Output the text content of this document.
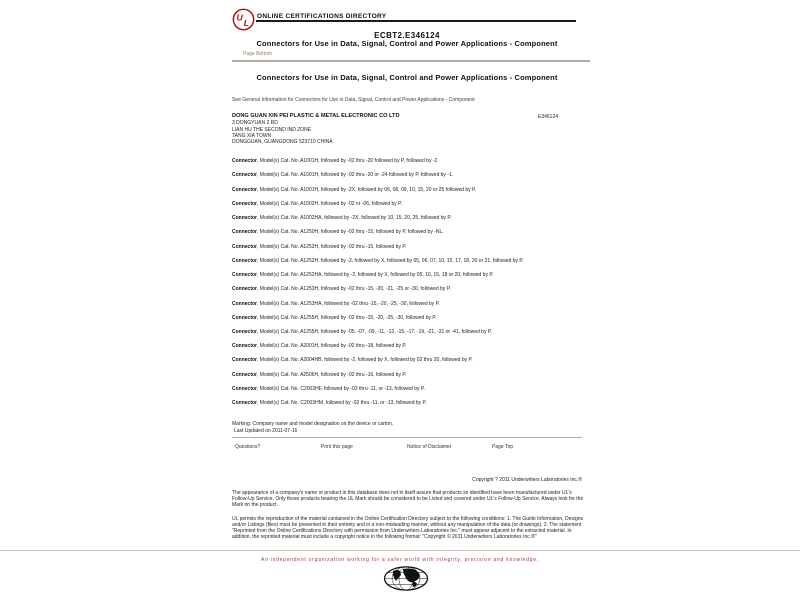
U
L
ONLINE CERTIFICATIONS DIRECTORY
ECBT2.E346124
Connectors for Use in Data, Signal, Control and Power Applications - Component
Page Bottom
Connectors for Use in Data, Signal, Control and Power Applications - Component
See General Information for Connectors for Use in Data, Signal, Control and Power Applications - Component
DONG GUAN XIN PEI PLASTIC & METAL ELECTRONIC CO LTD	E346124
3 DONGYUAN 2 RD
LIAN HU THE SECOND IND ZONE
TANG XIA TOWN
DONGGUAN, GUANGDONG 523710 CHINA
Connector, Model(s) Cat. No. A1001H, followed by -02 thru -20 followed by P, followed by -2.
Connector, Model(s) Cat. No. A1001H, followed by -02 thru -20 or -24 followed by P, followed by -1.
Connector, Model(s) Cat. No. A1001H, followed by -2X, followed by 06, 08, 09, 10, 15, 20 or 25 followed by P.
Connector, Model(s) Cat. No. A1002H, followed by -02 or -06, followed by P.
Connector, Model(s) Cat. No. A1002HA, followed by -2X, followed by 10, 15, 20, 25, followed by P.
Connector, Model(s) Cat. No. A1250H, followed by -02 thru -15, followed by P, followed by -NL.
Connector, Model(s) Cat. No. A1252H, followed by -02 thru -15, followed by P.
Connector, Model(s) Cat. No. A1252H, followed by -2, followed by X, followed by 05, 06, 07, 10, 15, 17, 18, 20 or 21, followed by P.
Connector, Model(s) Cat. No. A1252HA, followed by -2, followed by X, followed by 05, 10, 15, 18 or 20, followed by P.
Connector, Model(s) Cat. No. A1253H, followed by -02 thru -15, -20, -21, -25 or -30, followed by P.
Connector, Model(s) Cat. No. A1253HA, followed by -02 thru -15, -20, -25, -30, followed by P.
Connector, Model(s) Cat. No. A1255H, followed by -02 thru -15, -20, -25, -30, followed by P.
Connector, Model(s) Cat. No. A1255H, followed by -05, -07, -09, -11, -13, -15, -17, -19, -21, -31 or -41, followed by P.
Connector, Model(s) Cat. No. A2001H, followed by -02 thru -18, followed by P.
Connector, Model(s) Cat. No. A2004HB, followed by -2, followed by X, followed by 02 thru 20, followed by P.
Connector, Model(s) Cat. No. A2506H, followed by -02 thru -16, followed by P.
Connector, Model(s) Cat. No. C2003HF, followed by -02 thru -11, or -13, followed by P.
Connector, Model(s) Cat. No. C2003HM, followed by -02 thru -11, or -13, followed by P.
Marking: Company name and model designation on the device or carton.
Last Updated on 2011-07-16
Questions?	Print this page	Notice of Disclaimer	Page Top
Copyright ? 2011 Underwriters Laboratories Inc.®
The appearance of a company's name or product in this database does not in itself assure that products so identified have been manufactured under UL's Follow-Up Service. Only those products bearing the UL Mark should be considered to be Listed and covered under UL's Follow-Up Service. Always look for the Mark on the product.
UL permits the reproduction of the material contained in the Online Certification Directory subject to the following conditions: 1. The Guide Information, Designs and/or Listings (files) must be presented in their entirety and in a non-misleading manner, without any manipulation of the data (or drawings). 2. The statement "Reprinted from the Online Certifications Directory with permission from Underwriters Laboratories Inc." must appear adjacent to the extracted material. In addition, the reprinted material must include a copyright notice in the following format: "Copyright © 2011 Underwriters Laboratories Inc.®"
An independent organization working for a safer world with integrity, precision and knowledge.
